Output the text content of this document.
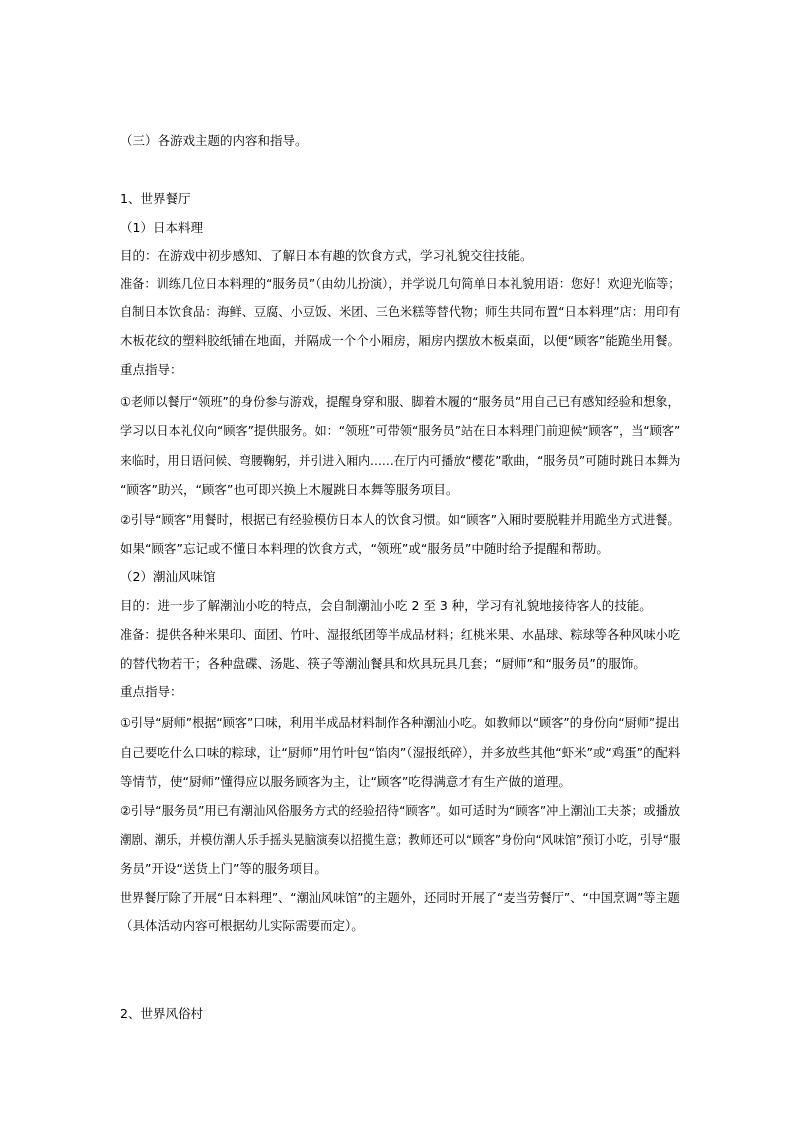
（三）各游戏主题的内容和指导。
1、世界餐厅
（1）日本料理
目的：在游戏中初步感知、了解日本有趣的饮食方式，学习礼貌交往技能。
准备：训练几位日本料理的“服务员”（由幼儿扮演），并学说几句简单日本礼貌用语：您好！欢迎光临等；
自制日本饮食品：海鲜、豆腐、小豆饭、米团、三色米糕等替代物；师生共同布置“日本料理”店：用印有
木板花纹的塑料胶纸铺在地面，并隔成一个个小厢房，厢房内摆放木板桌面，以便“顾客”能跪坐用餐。
重点指导：
①老师以餐厅“领班”的身份参与游戏，提醒身穿和服、脚着木履的“服务员”用自己已有感知经验和想象，
学习以日本礼仪向“顾客”提供服务。如：“领班”可带领“服务员”站在日本料理门前迎候“顾客”，当“顾客”
来临时，用日语问候、弯腰鞠躬，并引进入厢内……在厅内可播放“樱花”歌曲，“服务员”可随时跳日本舞为
“顾客”助兴，“顾客”也可即兴换上木履跳日本舞等服务项目。
②引导“顾客”用餐时，根据已有经验模仿日本人的饮食习惯。如“顾客”入厢时要脱鞋并用跪坐方式进餐。
如果“顾客”忘记或不懂日本料理的饮食方式，“领班”或“服务员”中随时给予提醒和帮助。
（2）潮汕风味馆
目的：进一步了解潮汕小吃的特点，会自制潮汕小吃 2 至 3 种，学习有礼貌地接待客人的技能。
准备：提供各种米果印、面团、竹叶、湿报纸团等半成品材料；红桃米果、水晶球、粽球等各种风味小吃
的替代物若干；各种盘碟、汤匙、筷子等潮汕餐具和炊具玩具几套；“厨师”和“服务员”的服饰。
重点指导：
①引导“厨师”根据“顾客”口味，利用半成品材料制作各种潮汕小吃。如教师以“顾客”的身份向“厨师”提出
自己要吃什么口味的粽球，让“厨师”用竹叶包“馅肉”（湿报纸碎），并多放些其他“虾米”或“鸡蛋”的配料
等情节，使“厨师”懂得应以服务顾客为主，让“顾客”吃得满意才有生产做的道理。
②引导“服务员”用已有潮汕风俗服务方式的经验招待“顾客”。如可适时为“顾客”冲上潮汕工夫茶；或播放
潮剧、潮乐，并模仿潮人乐手摇头晃脑演奏以招揽生意；教师还可以“顾客”身份向“风味馆”预订小吃，引导“服
务员”开设“送货上门”等的服务项目。
世界餐厅除了开展“日本料理”、“潮汕风味馆”的主题外，还同时开展了“麦当劳餐厅”、“中国烹调”等主题
（具体活动内容可根据幼儿实际需要而定）。
2、世界风俗村
